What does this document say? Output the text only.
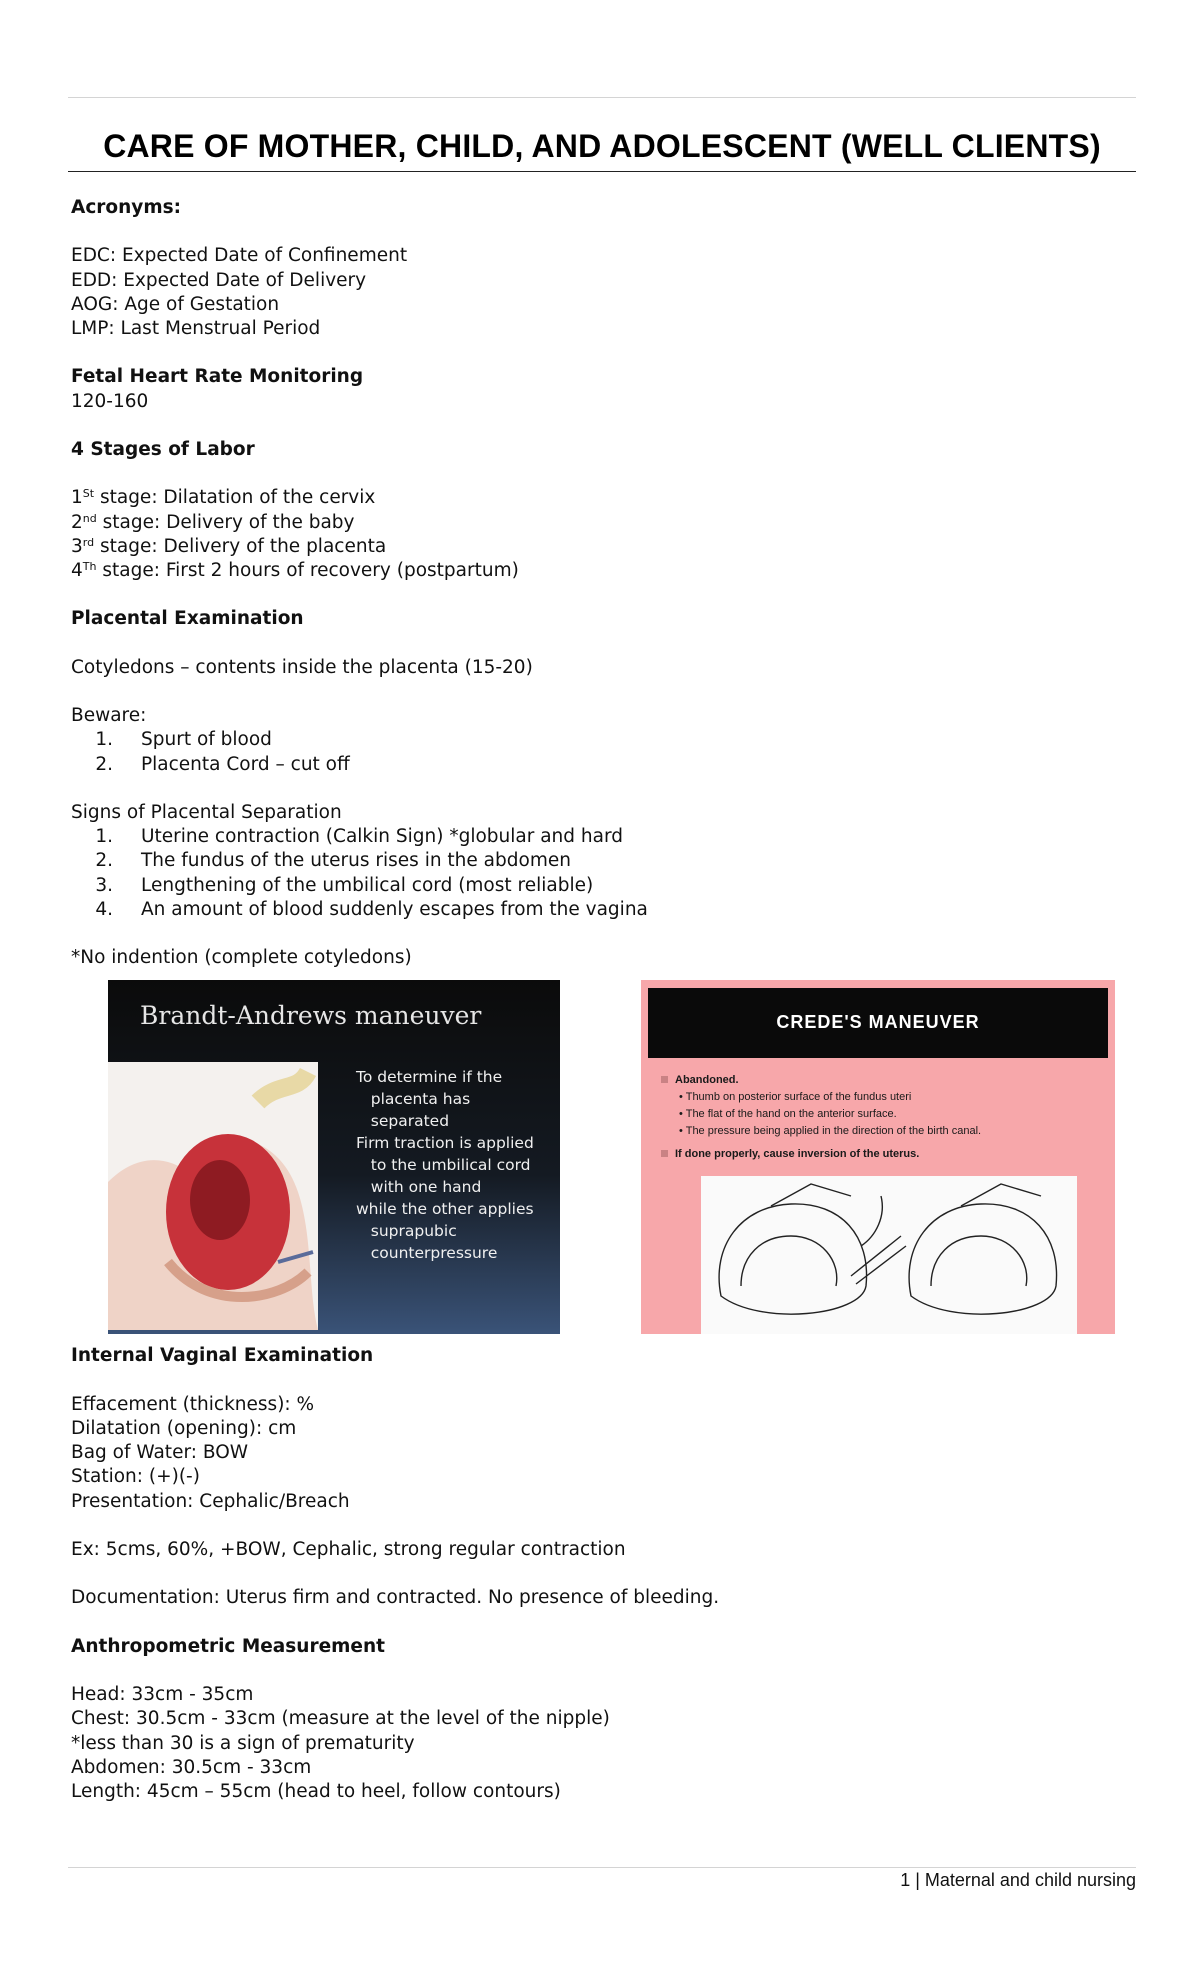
CARE OF MOTHER, CHILD, AND ADOLESCENT (WELL CLIENTS)

Acronyms:

EDC: Expected Date of Confinement

EDD: Expected Date of Delivery

AOG: Age of Gestation

LMP: Last Menstrual Period

Fetal Heart Rate Monitoring

120-160

4 Stages of Labor

1St stage: Dilatation of the cervix

2nd stage: Delivery of the baby

3rd stage: Delivery of the placenta

4Th stage: First 2 hours of recovery (postpartum)

Placental Examination

Cotyledons – contents inside the placenta (15-20)

Beware:

1. Spurt of blood
2. Placenta Cord – cut off

Signs of Placental Separation

1. Uterine contraction (Calkin Sign) *globular and hard
2. The fundus of the uterus rises in the abdomen
3. Lengthening of the umbilical cord (most reliable)
4. An amount of blood suddenly escapes from the vagina

*No indention (complete cotyledons)

Brandt-Andrews maneuver
To determine if the
placenta has
separated
Firm traction is applied
to the umbilical cord
with one hand
while the other applies
suprapubic
counterpressure
CREDE'S MANEUVER
Abandoned.
• Thumb on posterior surface of the fundus uteri
• The flat of the hand on the anterior surface.
• The pressure being applied in the direction of the birth canal.
If done properly, cause inversion of the uterus.

Internal Vaginal Examination

Effacement (thickness): %

Dilatation (opening): cm

Bag of Water: BOW

Station: (+)(-)

Presentation: Cephalic/Breach

Ex: 5cms, 60%, +BOW, Cephalic, strong regular contraction

Documentation: Uterus firm and contracted. No presence of bleeding.

Anthropometric Measurement

Head: 33cm - 35cm

Chest: 30.5cm - 33cm (measure at the level of the nipple)

*less than 30 is a sign of prematurity

Abdomen: 30.5cm - 33cm

Length: 45cm – 55cm (head to heel, follow contours)

1 | Maternal and child nursing
